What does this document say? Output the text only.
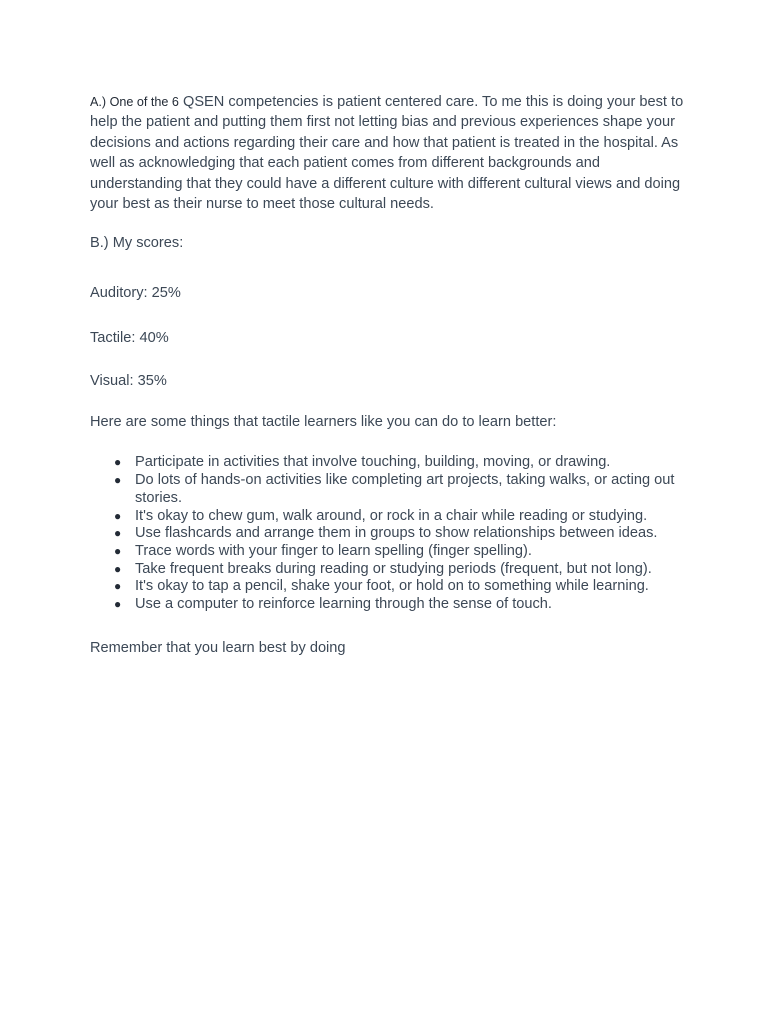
A.) One of the 6 QSEN competencies is patient centered care. To me this is doing your best to help the patient and putting them first not letting bias and previous experiences shape your decisions and actions regarding their care and how that patient is treated in the hospital. As well as acknowledging that each patient comes from different backgrounds and understanding that they could have a different culture with different cultural views and doing your best as their nurse to meet those cultural needs.

B.) My scores:

Auditory: 25%

Tactile: 40%

Visual: 35%

Here are some things that tactile learners like you can do to learn better:

● Participate in activities that involve touching, building, moving, or drawing.
● Do lots of hands-on activities like completing art projects, taking walks, or acting out stories.
● It's okay to chew gum, walk around, or rock in a chair while reading or studying.
● Use flashcards and arrange them in groups to show relationships between ideas.
● Trace words with your finger to learn spelling (finger spelling).
● Take frequent breaks during reading or studying periods (frequent, but not long).
● It's okay to tap a pencil, shake your foot, or hold on to something while learning.
● Use a computer to reinforce learning through the sense of touch.

Remember that you learn best by doing
